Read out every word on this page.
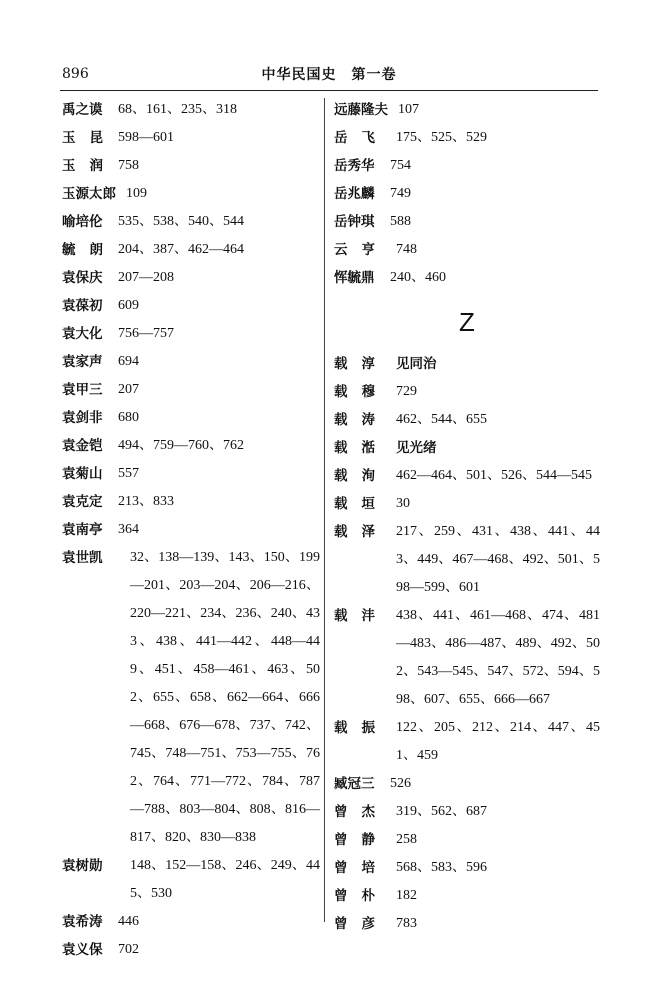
896	中华民国史　第一卷
禹之谟	68、161、235、318
玉昆 598—601
玉润 758
玉源太郎 109
喻培伦	535、538、540、544
毓朗 204、387、462—464
袁保庆	207—208
袁葆初	609
袁大化	756—757
袁家声	694
袁甲三	207
袁剑非	680
袁金铠	494、759—760、762
袁菊山	557
袁克定	213、833
袁南亭	364
袁世凯	32、138—139、143、150、199—201、203—204、206—216、220—221、234、236、240、433、438、441—442、448—449、451、458—461、463、502、655、658、662—664、666—668、676—678、737、742、745、748—751、753—755、762、764、771—772、784、787—788、803—804、808、816—817、820、830—838
袁树勋	148、152—158、246、249、445、530
袁希涛	446
袁义保	702
远藤隆夫 107
岳飞 175、525、529
岳秀华	754
岳兆麟	749
岳钟琪	588
云亨 748
恽毓鼎	240、460
Z
载淳 见同治
载穆 729
载涛 462、544、655
载湉 见光绪
载洵 462—464、501、526、544—545
载垣 30
载泽 217、259、431、438、441、443、449、467—468、492、501、598—599、601
载沣 438、441、461—468、474、481—483、486—487、489、492、502、543—545、547、572、594、598、607、655、666—667
载振 122、205、212、214、447、451、459
臧冠三	526
曾杰 319、562、687
曾静 258
曾培 568、583、596
曾朴 182
曾彦 783
